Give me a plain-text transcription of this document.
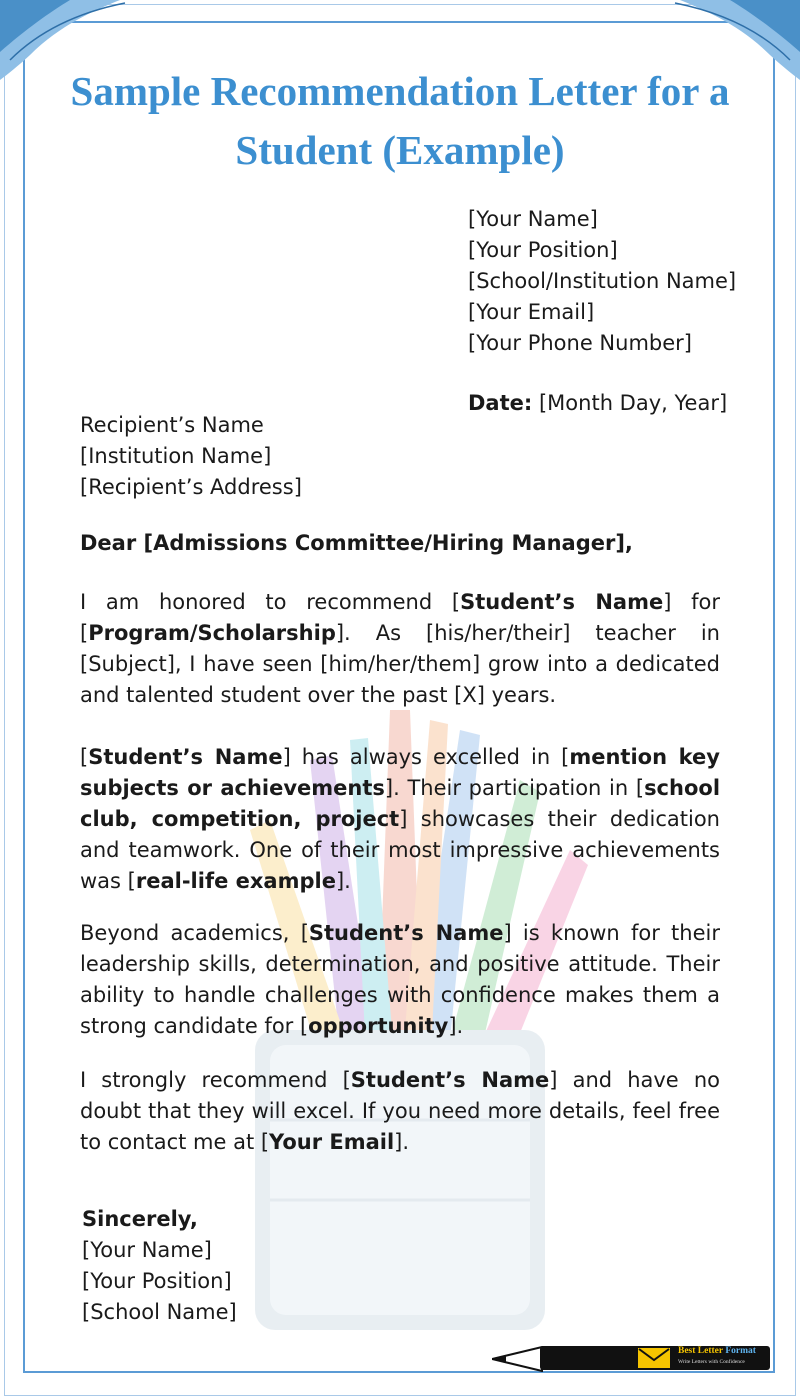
Sample Recommendation Letter for a Student (Example)
[Your Name]
[Your Position]
[School/Institution Name]
[Your Email]
[Your Phone Number]
Date: [Month Day, Year]
Recipient’s Name
[Institution Name]
[Recipient’s Address]
Dear [Admissions Committee/Hiring Manager],

I am honored to recommend [Student’s Name] for [Program/Scholarship]. As [his/her/their] teacher in [Subject], I have seen [him/her/them] grow into a dedicated and talented student over the past [X] years.

[Student’s Name] has always excelled in [mention key subjects or achievements]. Their participation in [school club, competition, project] showcases their dedication and teamwork. One of their most impressive achievements was [real-life example].

Beyond academics, [Student’s Name] is known for their leadership skills, determination, and positive attitude. Their ability to handle challenges with confidence makes them a strong candidate for [opportunity].

I strongly recommend [Student’s Name] and have no doubt that they will excel. If you need more details, feel free to contact me at [Your Email].

Sincerely,
[Your Name]
[Your Position]
[School Name]
Best Letter Format
Write Letters with Confidence
